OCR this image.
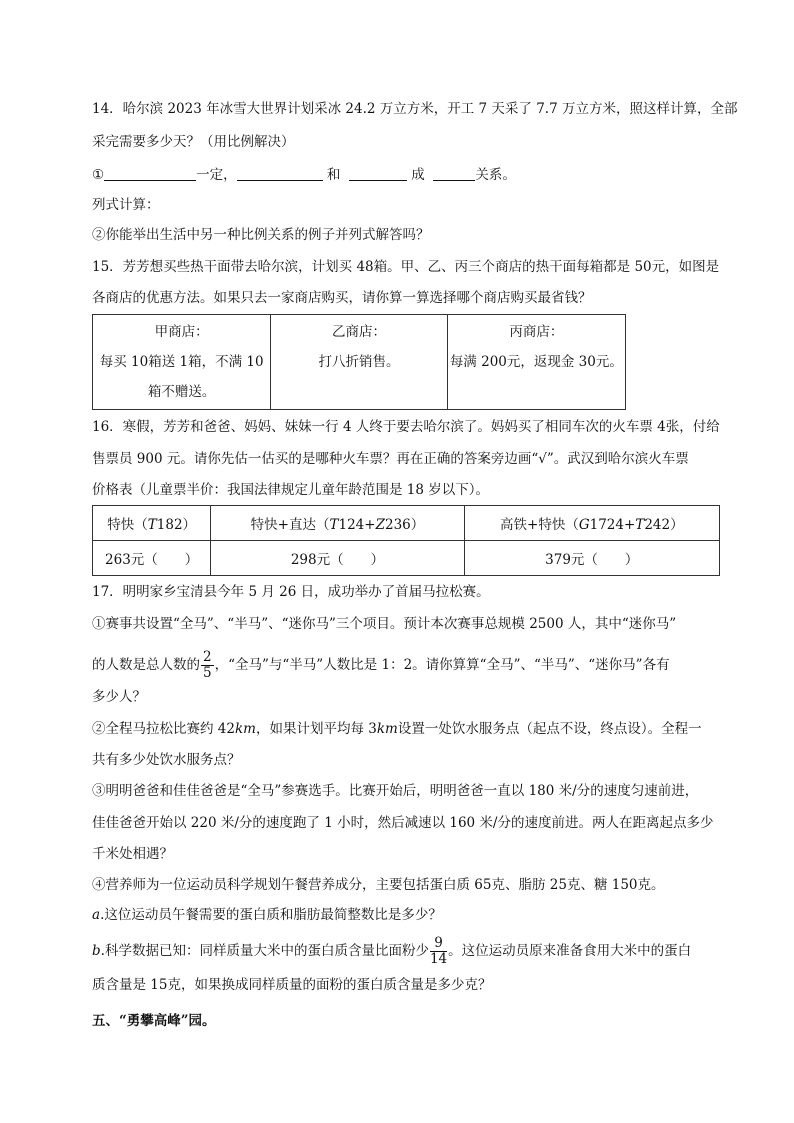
14．哈尔滨 2023 年冰雪大世界计划采冰 24.2 万立方米，开工 7 天采了 7.7 万立方米，照这样计算，全部
采完需要多少天？（用比例解决）
①	一定，	和	成	关系。
列式计算：
②你能举出生活中另一种比例关系的例子并列式解答吗？
15．芳芳想买些热干面带去哈尔滨，计划买 48箱。甲、乙、丙三个商店的热干面每箱都是 50元，如图是
各商店的优惠方法。如果只去一家商店购买，请你算一算选择哪个商店购买最省钱？
甲商店：
每买 10箱送 1箱，不满 10
箱不赠送。

乙商店：
打八折销售。

丙商店：
每满 200元，返现金 30元。
16．寒假，芳芳和爸爸、妈妈、妹妹一行 4 人终于要去哈尔滨了。妈妈买了相同车次的火车票 4张，付给
售票员 900 元。请你先估一估买的是哪种火车票？再在正确的答案旁边画“√”。武汉到哈尔滨火车票
价格表（儿童票半价：我国法律规定儿童年龄范围是 18 岁以下）。
特快（T182）	特快+直达（T124+Z236）	高铁+特快（G1724+T242）
263元（　　）	298元（　　）	379元（　　）
17．明明家乡宝清县今年 5 月 26 日，成功举办了首届马拉松赛。
①赛事共设置“全马”、“半马”、“迷你马”三个项目。预计本次赛事总规模 2500 人，其中“迷你马”
的人数是总人数的 $\frac{2}{5}$ ，“全马”与“半马”人数比是 1：2。请你算算“全马”、“半马”、“迷你马”各有
多少人？
②全程马拉松比赛约 42km，如果计划平均每 3km设置一处饮水服务点（起点不设，终点设）。全程一
共有多少处饮水服务点？
③明明爸爸和佳佳爸爸是“全马”参赛选手。比赛开始后，明明爸爸一直以 180 米/分的速度匀速前进，
佳佳爸爸开始以 220 米/分的速度跑了 1 小时，然后减速以 160 米/分的速度前进。两人在距离起点多少
千米处相遇？
④营养师为一位运动员科学规划午餐营养成分，主要包括蛋白质 65克、脂肪 25克、糖 150克。
a.这位运动员午餐需要的蛋白质和脂肪最简整数比是多少？
b.科学数据已知：同样质量大米中的蛋白质含量比面粉少 $\frac{9}{14}$ 。这位运动员原来准备食用大米中的蛋白
质含量是 15克，如果换成同样质量的面粉的蛋白质含量是多少克？
五、“勇攀高峰”园。
